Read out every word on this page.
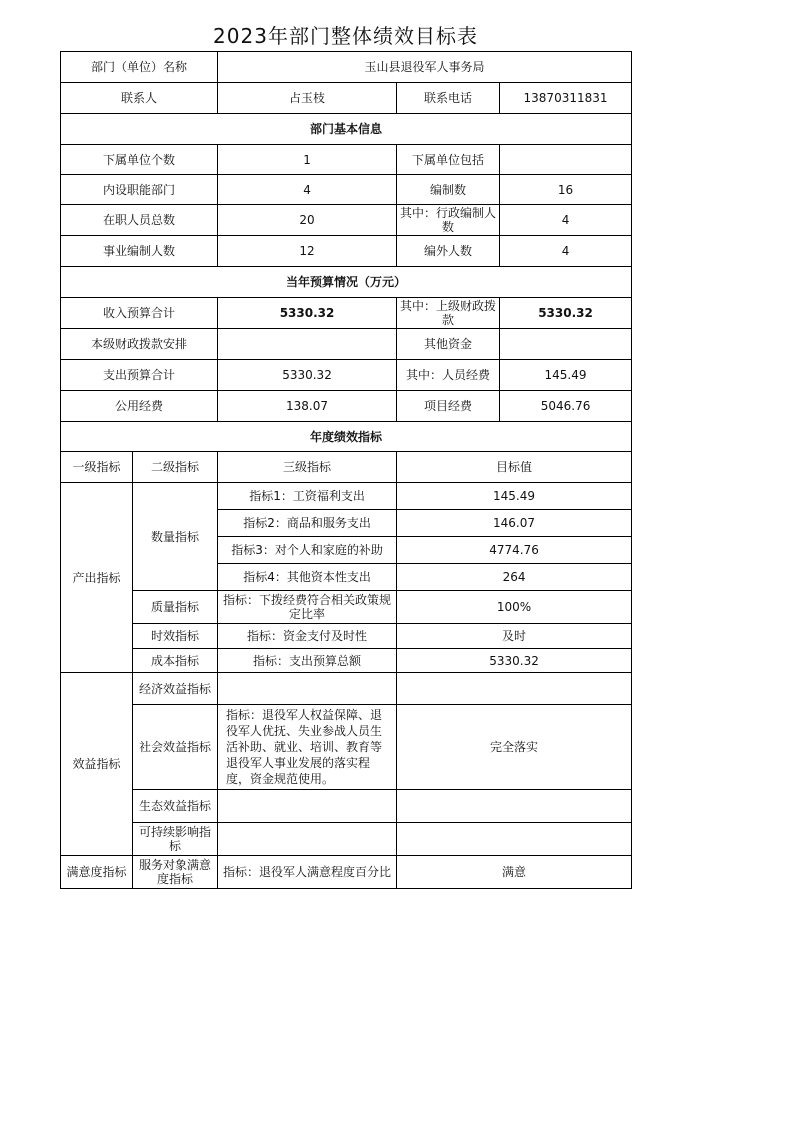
2023年部门整体绩效目标表
部门（单位）名称		玉山县退役军人事务局		
联系人		占玉枝	联系电话	13870311831
部门基本信息				
下属单位个数		1	下属单位包括	
内设职能部门		4	编制数	16
在职人员总数		20	其中：行政编制人数	4
事业编制人数		12	编外人数	4
当年预算情况（万元）				
收入预算合计		5330.32	其中：上级财政拨款	5330.32
本级财政拨款安排			其他资金	
支出预算合计		5330.32	其中：人员经费	145.49
公用经费		138.07	项目经费	5046.76
年度绩效指标				
一级指标	二级指标	三级指标	目标值	
产出指标	数量指标	指标1：工资福利支出	145.49	
		指标2：商品和服务支出	146.07	
		指标3：对个人和家庭的补助	4774.76	
		指标4：其他资本性支出	264	
	质量指标	指标：下拨经费符合相关政策规定比率	100%	
	时效指标	指标：资金支付及时性	及时	
	成本指标	指标：支出预算总额	5330.32	
效益指标	经济效益指标			
	社会效益指标	指标：退役军人权益保障、退役军人优抚、失业参战人员生活补助、就业、培训、教育等退役军人事业发展的落实程度，资金规范使用。	完全落实	
	生态效益指标			
	可持续影响指标			
满意度指标	服务对象满意度指标	指标：退役军人满意程度百分比	满意	
